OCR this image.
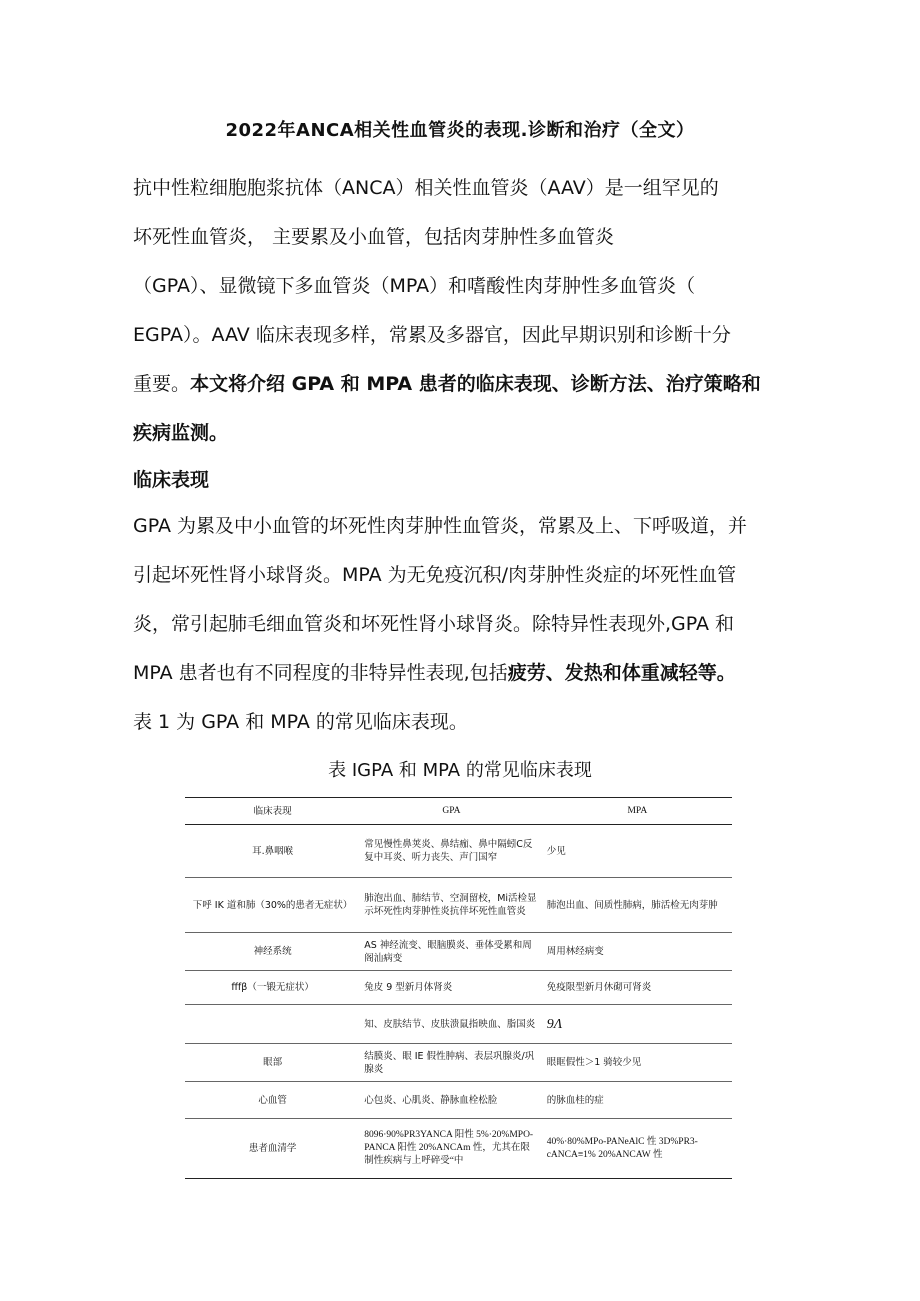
2022年ANCA相关性血管炎的表现.诊断和治疗（全文）

抗中性粒细胞胞浆抗体（ANCA）相关性血管炎（AAV）是一组罕见的

坏死性血管炎， 主要累及小血管，包括肉芽肿性多血管炎

（GPA）、显微镜下多血管炎（MPA）和嗜酸性肉芽肿性多血管炎（

EGPA）。AAV 临床表现多样，常累及多器官，因此早期识别和诊断十分

重要。本文将介绍 GPA 和 MPA 患者的临床表现、诊断方法、治疗策略和

疾病监测。

临床表现

GPA 为累及中小血管的坏死性肉芽肿性血管炎，常累及上、下呼吸道，并

引起坏死性肾小球肾炎。MPA 为无免疫沉积/肉芽肿性炎症的坏死性血管

炎，常引起肺毛细血管炎和坏死性肾小球肾炎。除特异性表现外,GPA 和

MPA 患者也有不同程度的非特异性表现,包括疲劳、发热和体重减轻等。

表 1 为 GPA 和 MPA 的常见临床表现。

表 IGPA 和 MPA 的常见临床表现
临床表现	GPA	MPA
耳.鼻咽喉	常见慢性鼻荚炎、鼻结痂、鼻中隔蚓C反复中耳炎、听力丧失、声门国窄	少见
下呼 IK 道和肺（30%的患者无症状）	肺泡出血、肺结节、空洞留校，Mi活检显示坏死性肉芽肿性炎抗伴坏死性血管炎	肺泡出血、间质性肺病，肺活检无肉芽肿
神经系统	AS 神经流变、眼脑膜炎、垂体受累和周阁汕病变	周用林经病变
fffβ（一锻无症状）	兔皮 9 型新月体肾炎	免疫限型新月休砌可肾炎
	知、皮肤结节、皮肤溃鼠指映血、脂国炎	9Λ
眼部	结膜炎、眼 IE 假性肿病、表层巩腺炎/巩腺炎	眼眶假性＞1 骑较少见
心血管	心包炎、心肌炎、静脉血栓松脸	的脉血桂的症
患者血清学	8096·90%PR3YANCA 阳性 5%·20%MPO-PANCA 阳性 20%ANCAm 性，尤其在限制性疾病与上呼碎受“中	40%·80%MPo-PANeAlC 性 3D%PR3-cANCA≡1% 20%ANCAW 性
